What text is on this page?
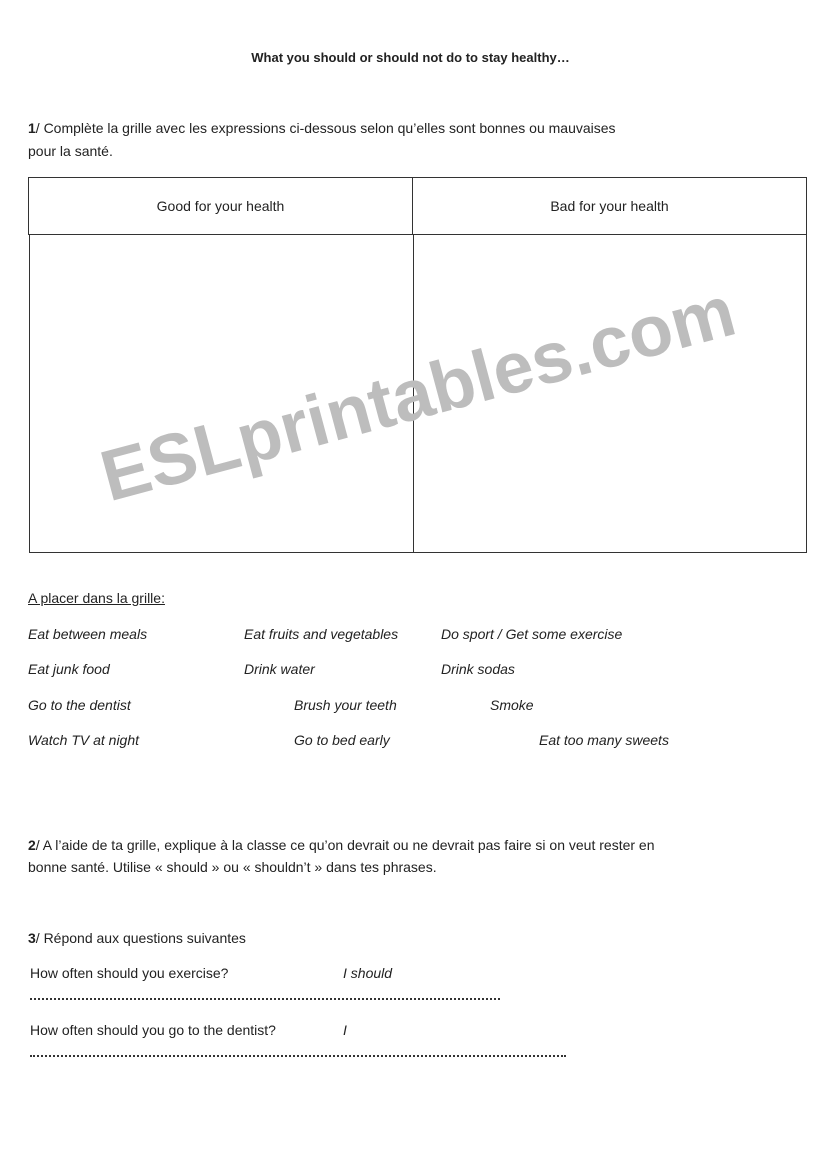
What you should or should not do to stay healthy…
1/ Complète la grille avec les expressions ci-dessous selon qu’elles sont bonnes ou mauvaises
pour la santé.
Good for your health	Bad for your health

ESLprintables.com
A placer dans la grille:
Eat between meals	Eat fruits and vegetables	Do sport / Get some exercise
Eat junk food	Drink water	Drink sodas
Go to the dentist	Brush your teeth	Smoke
Watch TV at night	Go to bed early	Eat too many sweets
2/ A l’aide de ta grille, explique à la classe ce qu’on devrait ou ne devrait pas faire si on veut rester en
bonne santé. Utilise « should » ou « shouldn’t » dans tes phrases.
3/ Répond aux questions suivantes
How often should you exercise?	I should
How often should you go to the dentist?	I
